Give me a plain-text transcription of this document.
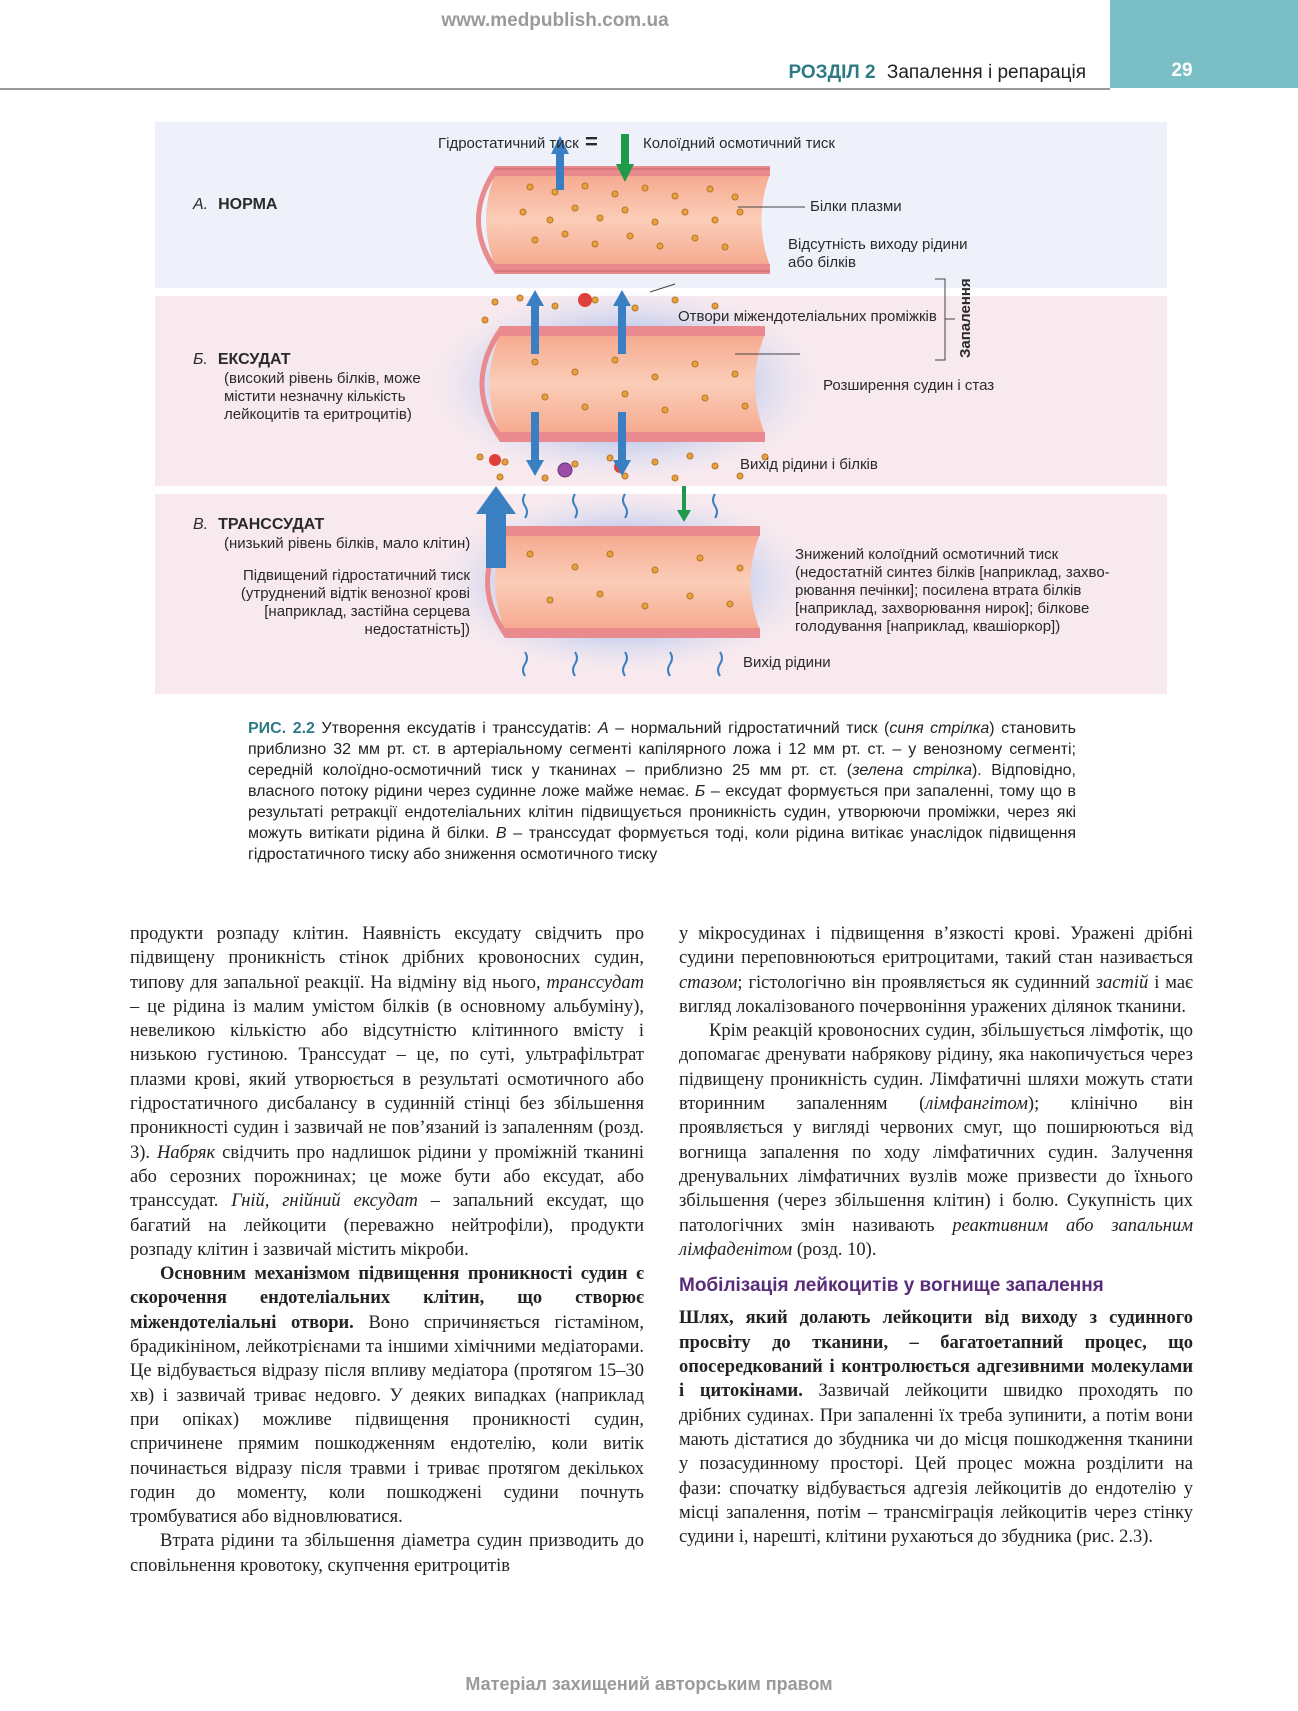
www.medpublish.com.ua
29
РОЗДІЛ 2 Запалення і репарація
А. НОРМА
Гідростатичний тиск =	Колоїдний осмотичний тиск
Білки плазми
Відсутність виходу рідини
або білків
Б. ЕКСУДАТ
(високий рівень білків, може
містити незначну кількість
лейкоцитів та еритроцитів)
Отвори міжендотеліальних проміжків
Розширення судин і стаз
Запалення
Вихід рідини і білків
В. ТРАНССУДАТ
(низький рівень білків, мало клітин)
Підвищений гідростатичний тиск
(утруднений відтік венозної крові
[наприклад, застійна серцева
недостатність])
Знижений колоїдний осмотичний тиск
(недостатній синтез білків [наприклад, захво-
рювання печінки]; посилена втрата білків
[наприклад, захворювання нирок]; білкове
голодування [наприклад, квашіоркор])
Вихід рідини
РИС. 2.2 Утворення ексудатів і транссудатів: А – нормальний гідростатичний тиск (синя стрілка) становить приблизно 32 мм рт. ст. в артеріальному сегменті капілярного ложа і 12 мм рт. ст. – у венозному сегменті; середній колоїдно-осмотичний тиск у тканинах – приблизно 25 мм рт. ст. (зелена стрілка). Відповідно, власного потоку рідини через судинне ложе майже немає. Б – ексудат формується при запаленні, тому що в результаті ретракції ендотеліальних клітин підвищується проникність судин, утворюючи проміжки, через які можуть витікати рідина й білки. В – транссудат формується тоді, коли рідина витікає унаслідок підвищення гідростатичного тиску або зниження осмотичного тиску

продукти розпаду клітин. Наявність ексудату свідчить про підвищену проникність стінок дрібних кровоносних судин, типову для запальної реакції. На відміну від нього, транссудат – це рідина із малим умістом білків (в основному альбуміну), невеликою кількістю або відсутністю клітинного вмісту і низькою густиною. Транссудат – це, по суті, ультрафільтрат плазми крові, який утворюється в результаті осмотичного або гідростатичного дисбалансу в судинній стінці без збільшення проникності судин і зазвичай не пов’язаний із запаленням (розд. 3). Набряк свідчить про надлишок рідини у проміжній тканині або серозних порожнинах; це може бути або ексудат, або транссудат. Гній, гнійний ексудат – запальний ексудат, що багатий на лейкоцити (переважно нейтрофіли), продукти розпаду клітин і зазвичай містить мікроби.

Основним механізмом підвищення проникності судин є скорочення ендотеліальних клітин, що створює міжендотеліальні отвори. Воно спричиняється гістаміном, брадикініном, лейкотрієнами та іншими хімічними медіаторами. Це відбувається відразу після впливу медіатора (протягом 15–30 хв) і зазвичай триває недовго. У деяких випадках (наприклад при опіках) можливе підвищення проникності судин, спричинене прямим пошкодженням ендотелію, коли витік починається відразу після травми і триває протягом декількох годин до моменту, коли пошкоджені судини почнуть тромбуватися або відновлюватися.

Втрата рідини та збільшення діаметра судин призводить до сповільнення кровотоку, скупчення еритроцитів

у мікросудинах і підвищення в’язкості крові. Уражені дрібні судини переповнюються еритроцитами, такий стан називається стазом; гістологічно він проявляється як судинний застій і має вигляд локалізованого почервоніння уражених ділянок тканини.

Крім реакцій кровоносних судин, збільшується лімфотік, що допомагає дренувати набрякову рідину, яка накопичується через підвищену проникність судин. Лімфатичні шляхи можуть стати вторинним запаленням (лімфангітом); клінічно він проявляється у вигляді червоних смуг, що поширюються від вогнища запалення по ходу лімфатичних судин. Залучення дренувальних лімфатичних вузлів може призвести до їхнього збільшення (через збільшення клітин) і болю. Сукупність цих патологічних змін називають реактивним або запальним лімфаденітом (розд. 10).

Мобілізація лейкоцитів у вогнище запалення

Шлях, який долають лейкоцити від виходу з судинного просвіту до тканини, – багатоетапний процес, що опосередкований і контролюється адгезивними молекулами і цитокінами. Зазвичай лейкоцити швидко проходять по дрібних судинах. При запаленні їх треба зупинити, а потім вони мають дістатися до збудника чи до місця пошкодження тканини у позасудинному просторі. Цей процес можна розділити на фази: спочатку відбувається адгезія лейкоцитів до ендотелію у місці запалення, потім – трансміграція лейкоцитів через стінку судини і, нарешті, клітини рухаються до збудника (рис. 2.3).

Матеріал захищений авторським правом
